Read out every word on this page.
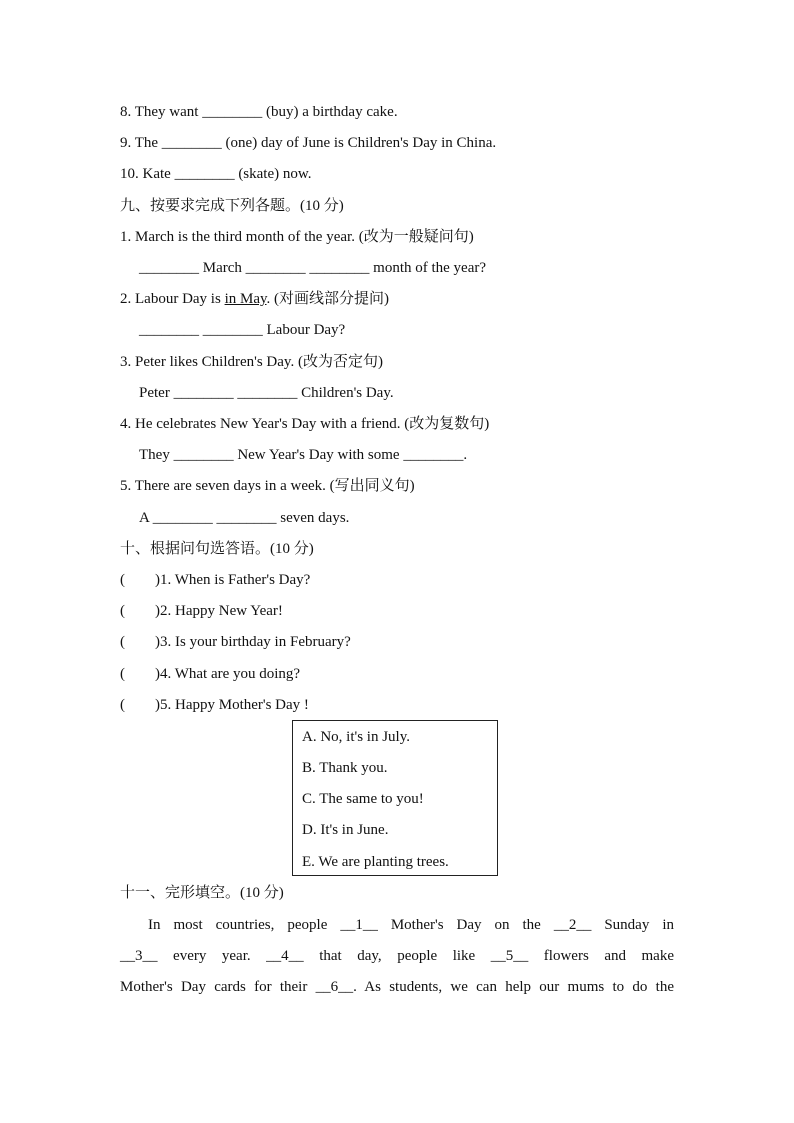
8. They want ________ (buy) a birthday cake.
9. The ________ (one) day of June is Children's Day in China.
10. Kate ________ (skate) now.
九、按要求完成下列各题。(10 分)
1. March is the third month of the year. (改为一般疑问句)
________ March ________ ________ month of the year?
2. Labour Day is in May. (对画线部分提问)
________ ________ Labour Day?
3. Peter likes Children's Day. (改为否定句)
Peter ________ ________ Children's Day.
4. He celebrates New Year's Day with a friend. (改为复数句)
They ________ New Year's Day with some ________.
5. There are seven days in a week. (写出同义句)
A ________ ________ seven days.
十、根据问句选答语。(10 分)
(        )1. When is Father's Day?
(        )2. Happy New Year!
(        )3. Is your birthday in February?
(        )4. What are you doing?
(        )5. Happy Mother's Day !
A. No, it's in July.
B. Thank you.
C. The same to you!
D. It's in June.
E. We are planting trees.
十一、完形填空。(10 分)
In most countries, people __1__ Mother's Day on the __2__ Sunday in
__3__ every year. __4__ that day, people like __5__ flowers and make
Mother's Day cards for their __6__. As students, we can help our mums to do the
